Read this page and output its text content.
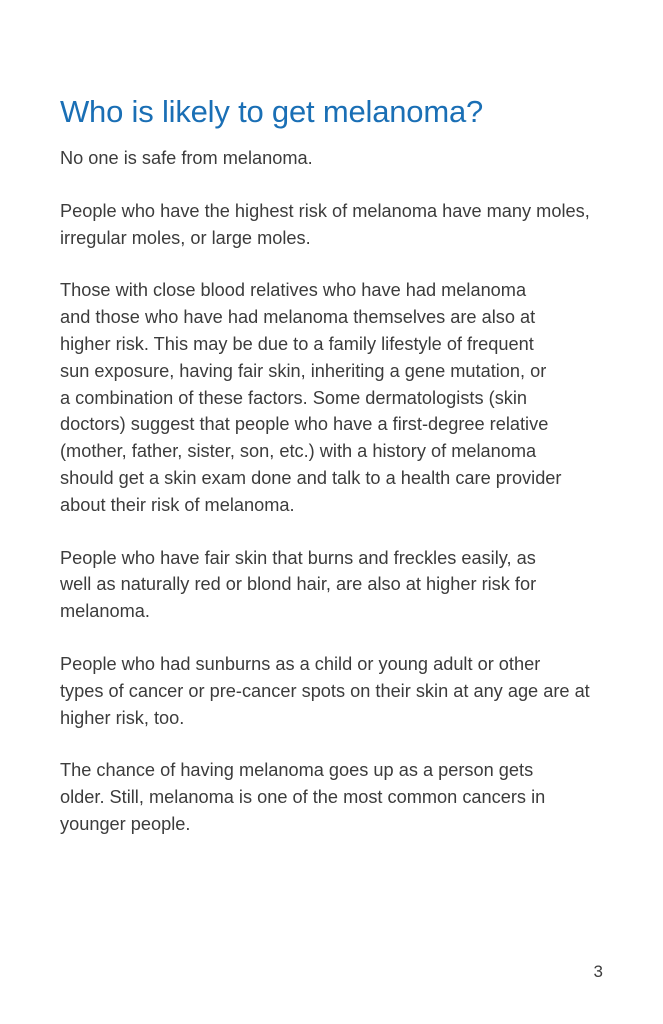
Who is likely to get melanoma?

No one is safe from melanoma.

People who have the highest risk of melanoma have many moles,
irregular moles, or large moles.

Those with close blood relatives who have had melanoma
and those who have had melanoma themselves are also at
higher risk. This may be due to a family lifestyle of frequent
sun exposure, having fair skin, inheriting a gene mutation, or
a combination of these factors. Some dermatologists (skin
doctors) suggest that people who have a first-degree relative
(mother, father, sister, son, etc.) with a history of melanoma
should get a skin exam done and talk to a health care provider
about their risk of melanoma.

People who have fair skin that burns and freckles easily, as
well as naturally red or blond hair, are also at higher risk for
melanoma.

People who had sunburns as a child or young adult or other
types of cancer or pre-cancer spots on their skin at any age are at
higher risk, too.

The chance of having melanoma goes up as a person gets
older. Still, melanoma is one of the most common cancers in
younger people.

3
